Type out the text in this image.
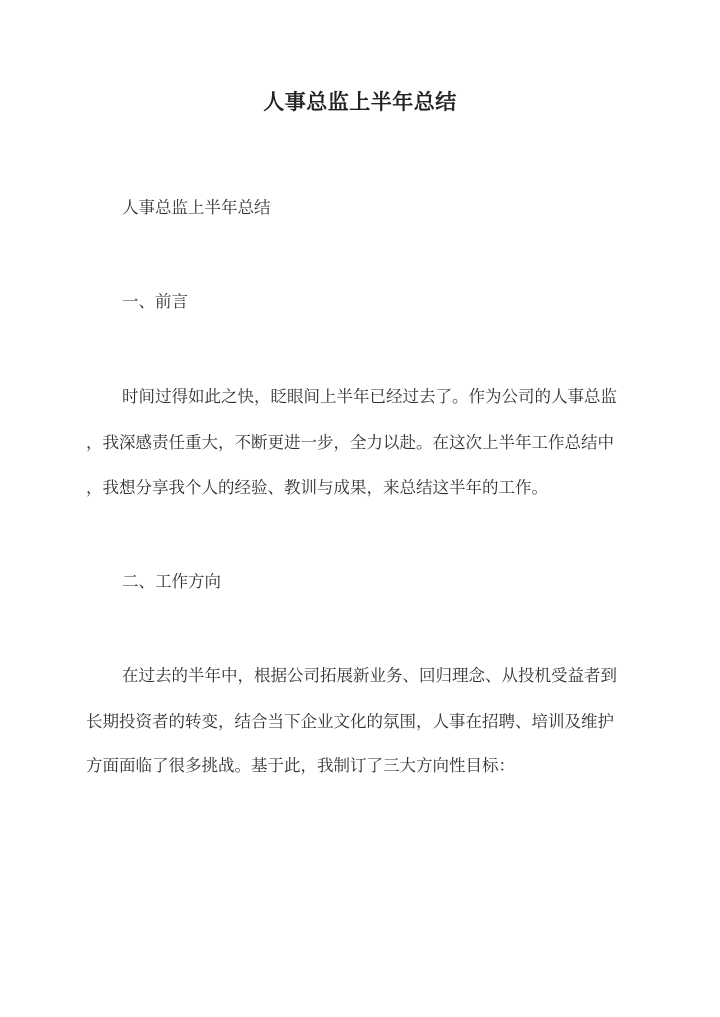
人事总监上半年总结
人事总监上半年总结
一、前言
时间过得如此之快，眨眼间上半年已经过去了。作为公司的人事总监
，我深感责任重大，不断更进一步，全力以赴。在这次上半年工作总结中
，我想分享我个人的经验、教训与成果，来总结这半年的工作。
二、工作方向
在过去的半年中，根据公司拓展新业务、回归理念、从投机受益者到
长期投资者的转变，结合当下企业文化的氛围，人事在招聘、培训及维护
方面面临了很多挑战。基于此，我制订了三大方向性目标：
